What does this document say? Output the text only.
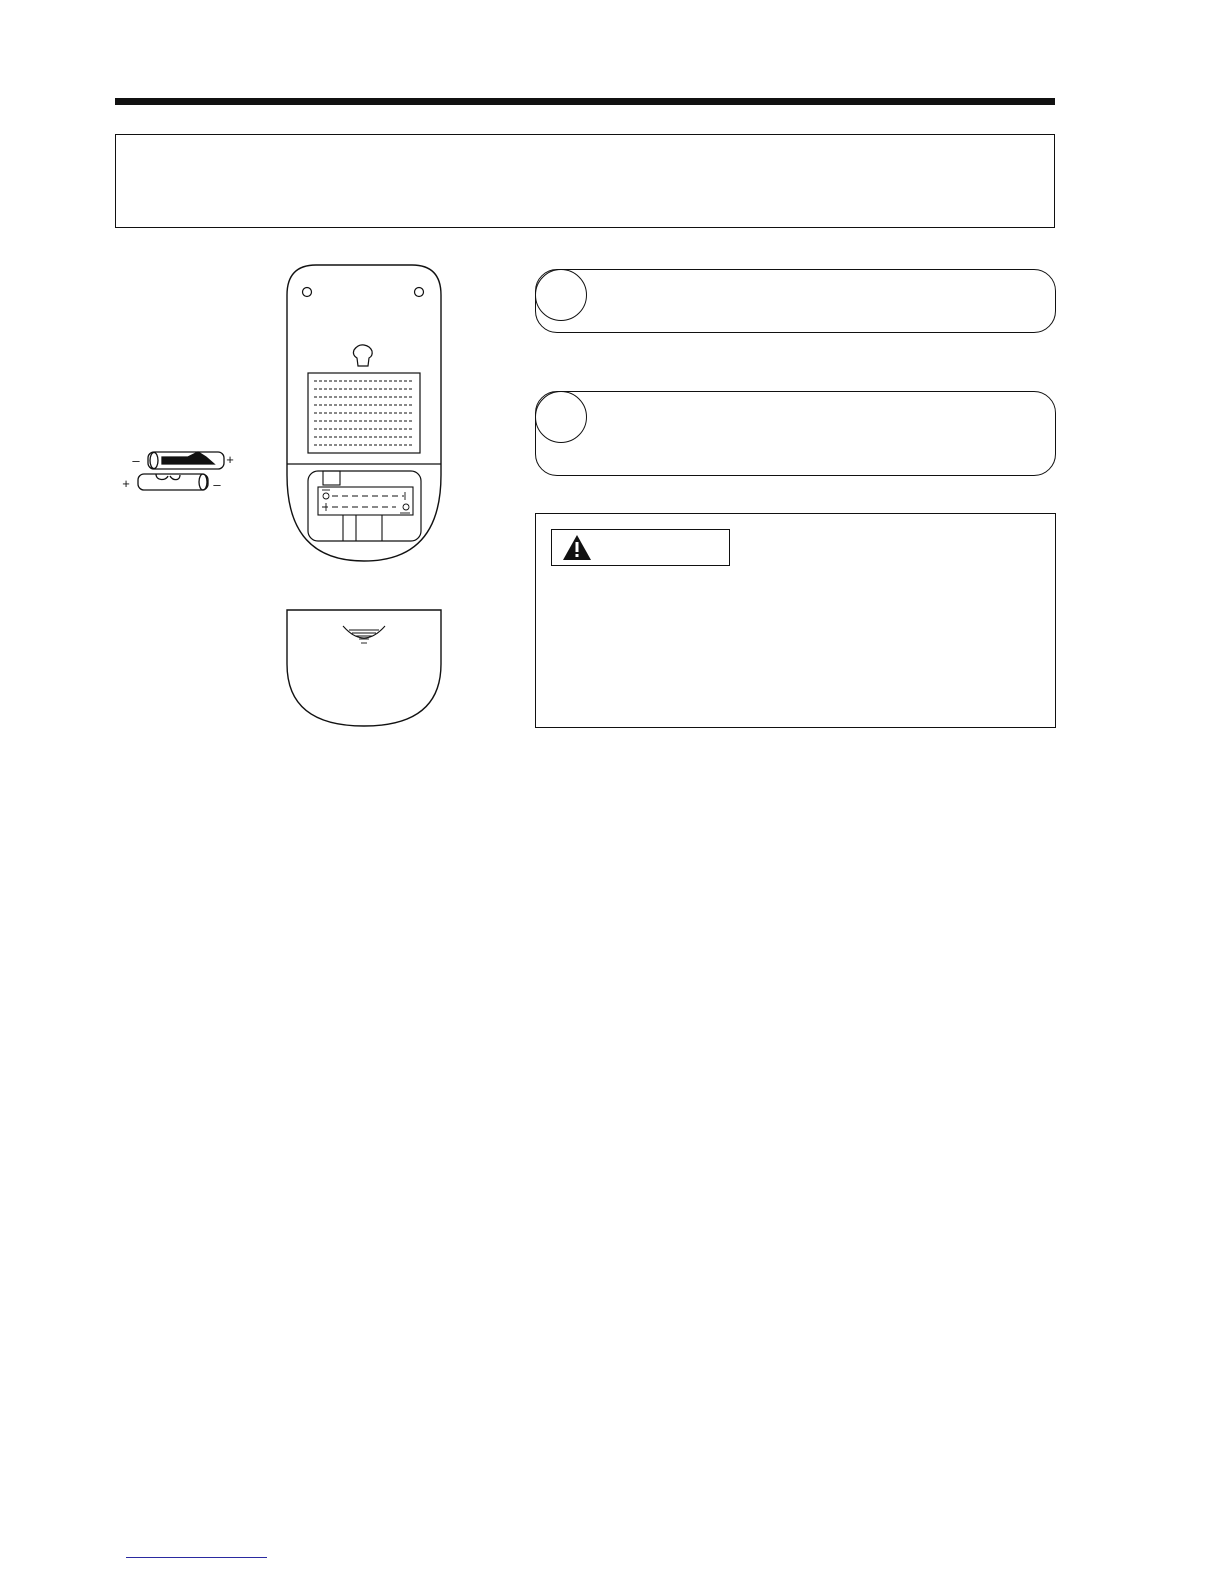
–	+
+	–
